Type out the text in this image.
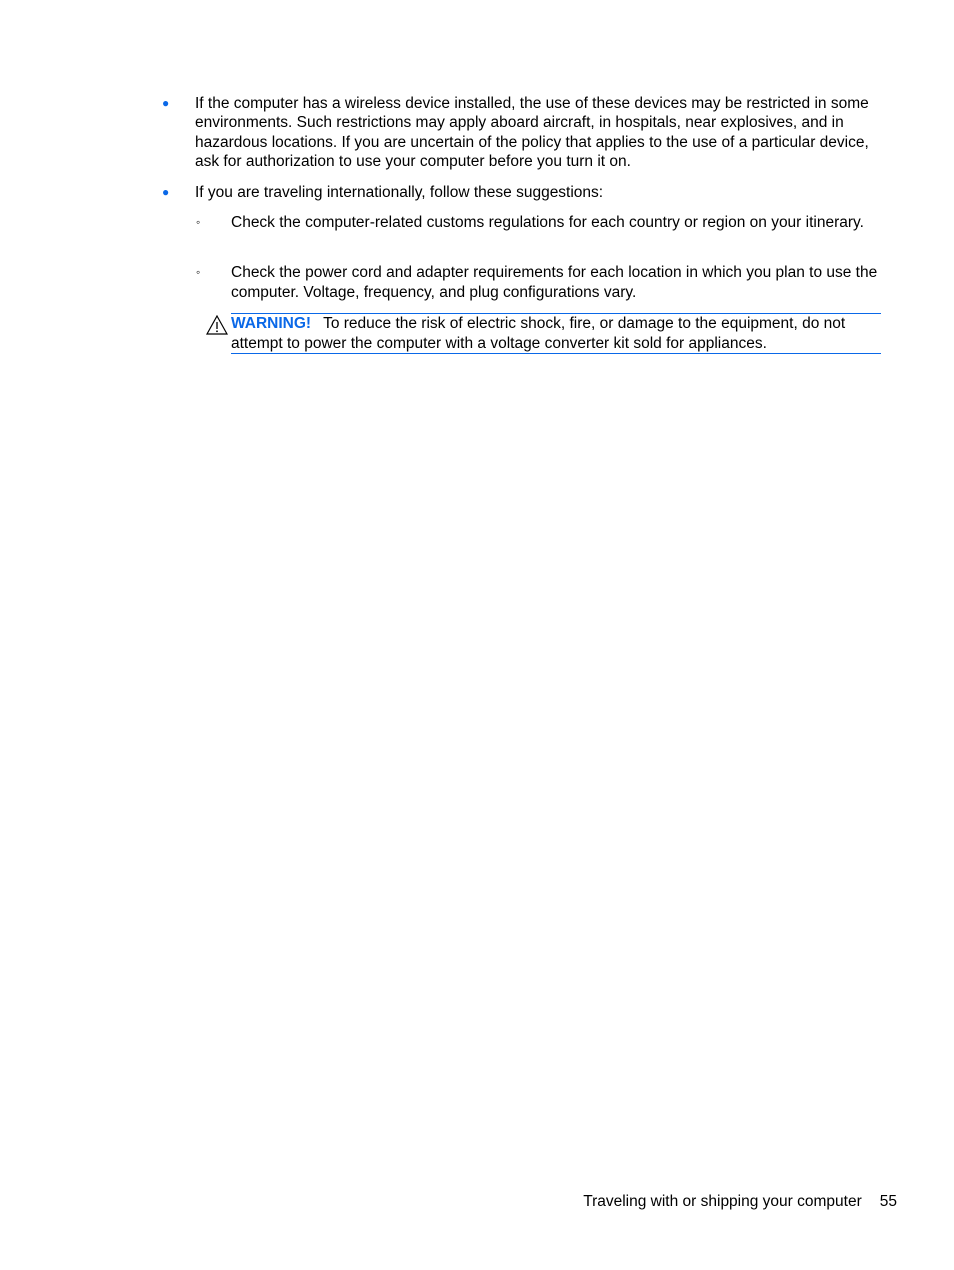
● If the computer has a wireless device installed, the use of these devices may be restricted in some environments. Such restrictions may apply aboard aircraft, in hospitals, near explosives, and in hazardous locations. If you are uncertain of the policy that applies to the use of a particular device, ask for authorization to use your computer before you turn it on.
● If you are traveling internationally, follow these suggestions:
◦ Check the computer-related customs regulations for each country or region on your itinerary.
◦ Check the power cord and adapter requirements for each location in which you plan to use the computer. Voltage, frequency, and plug configurations vary.
WARNING! To reduce the risk of electric shock, fire, or damage to the equipment, do not attempt to power the computer with a voltage converter kit sold for appliances.
Traveling with or shipping your computer 55
